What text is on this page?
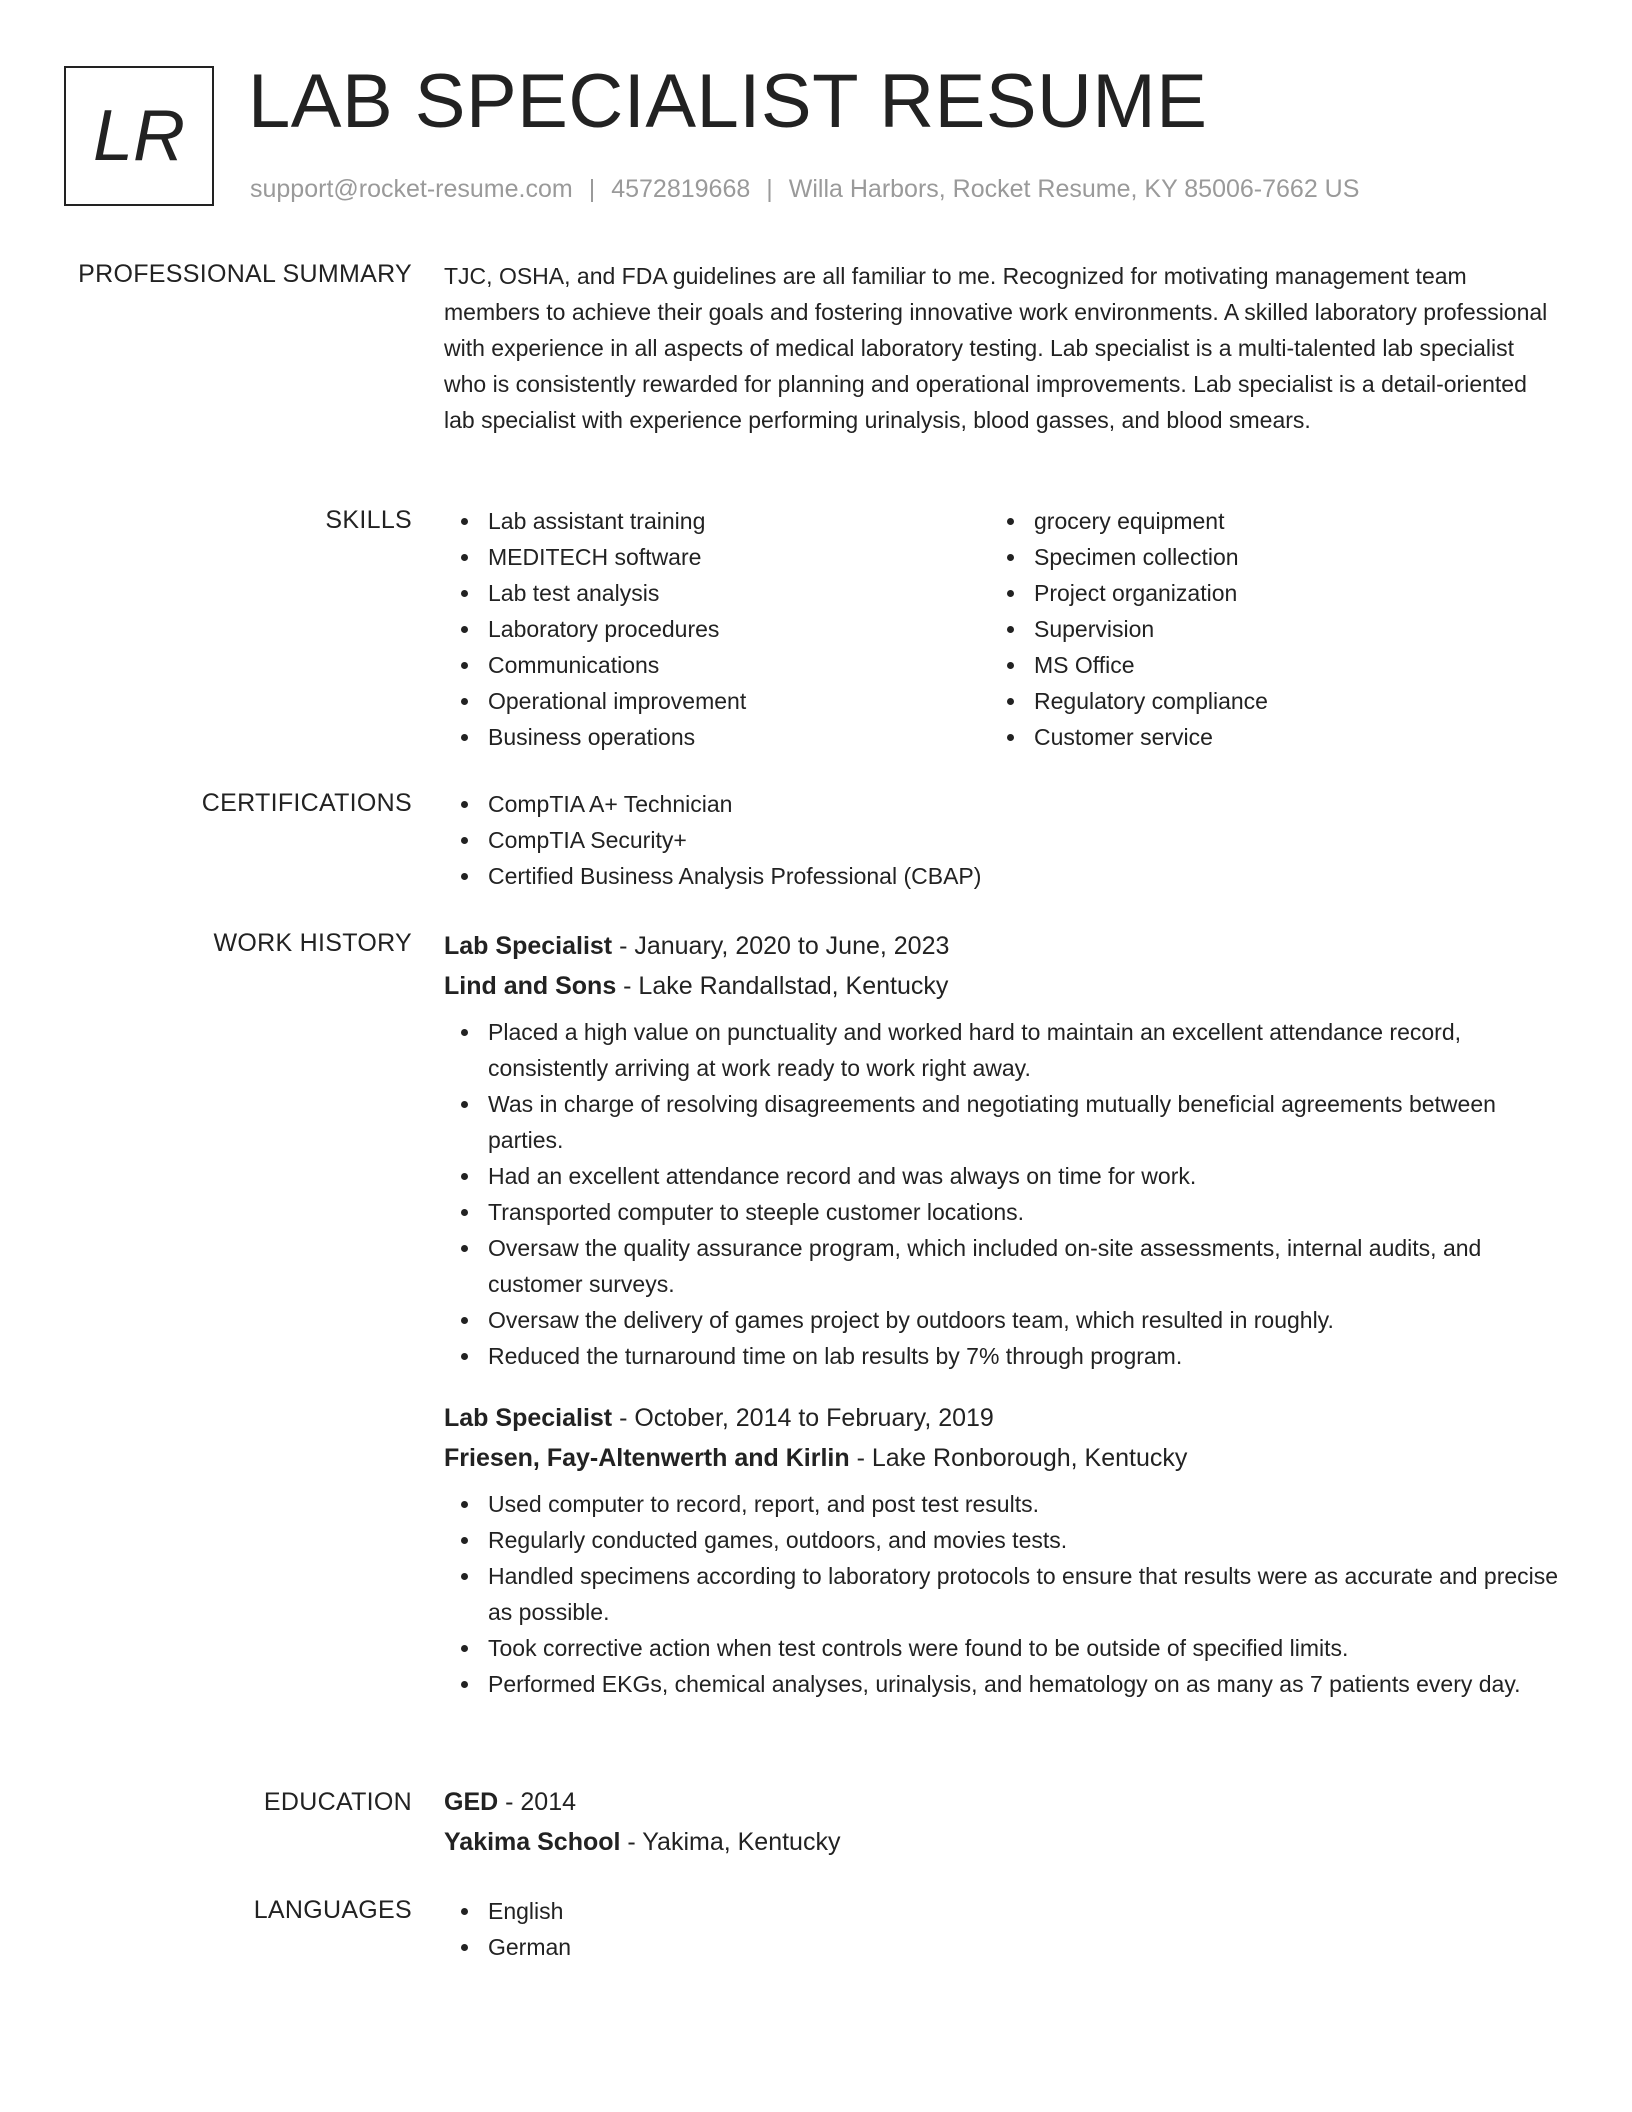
LR LAB SPECIALIST RESUME
support@rocket-resume.com | 4572819668 | Willa Harbors, Rocket Resume, KY 85006-7662 US
PROFESSIONAL SUMMARY TJC, OSHA, and FDA guidelines are all familiar to me. Recognized for motivating management team members to achieve their goals and fostering innovative work environments. A skilled laboratory professional with experience in all aspects of medical laboratory testing. Lab specialist is a multi-talented lab specialist who is consistently rewarded for planning and operational improvements. Lab specialist is a detail-oriented lab specialist with experience performing urinalysis, blood gasses, and blood smears.

SKILLS	Lab assistant training
MEDITECH software
Lab test analysis
Laboratory procedures
Communications
Operational improvement
Business operations
grocery equipment
Specimen collection
Project organization
Supervision
MS Office
Regulatory compliance
Customer service
CERTIFICATIONS	CompTIA A+ Technician
CompTIA Security+
Certified Business Analysis Professional (CBAP)
WORK HISTORY Lab Specialist - January, 2020 to June, 2023
Lind and Sons - Lake Randallstad, Kentucky
Placed a high value on punctuality and worked hard to maintain an excellent attendance record, consistently arriving at work ready to work right away.
Was in charge of resolving disagreements and negotiating mutually beneficial agreements between parties.
Had an excellent attendance record and was always on time for work.
Transported computer to steeple customer locations.
Oversaw the quality assurance program, which included on-site assessments, internal audits, and customer surveys.
Oversaw the delivery of games project by outdoors team, which resulted in roughly.
Reduced the turnaround time on lab results by 7% through program.
Lab Specialist - October, 2014 to February, 2019
Friesen, Fay-Altenwerth and Kirlin - Lake Ronborough, Kentucky
Used computer to record, report, and post test results.
Regularly conducted games, outdoors, and movies tests.
Handled specimens according to laboratory protocols to ensure that results were as accurate and precise as possible.
Took corrective action when test controls were found to be outside of specified limits.
Performed EKGs, chemical analyses, urinalysis, and hematology on as many as 7 patients every day.
EDUCATION GED - 2014
Yakima School - Yakima, Kentucky
LANGUAGES	English
German
